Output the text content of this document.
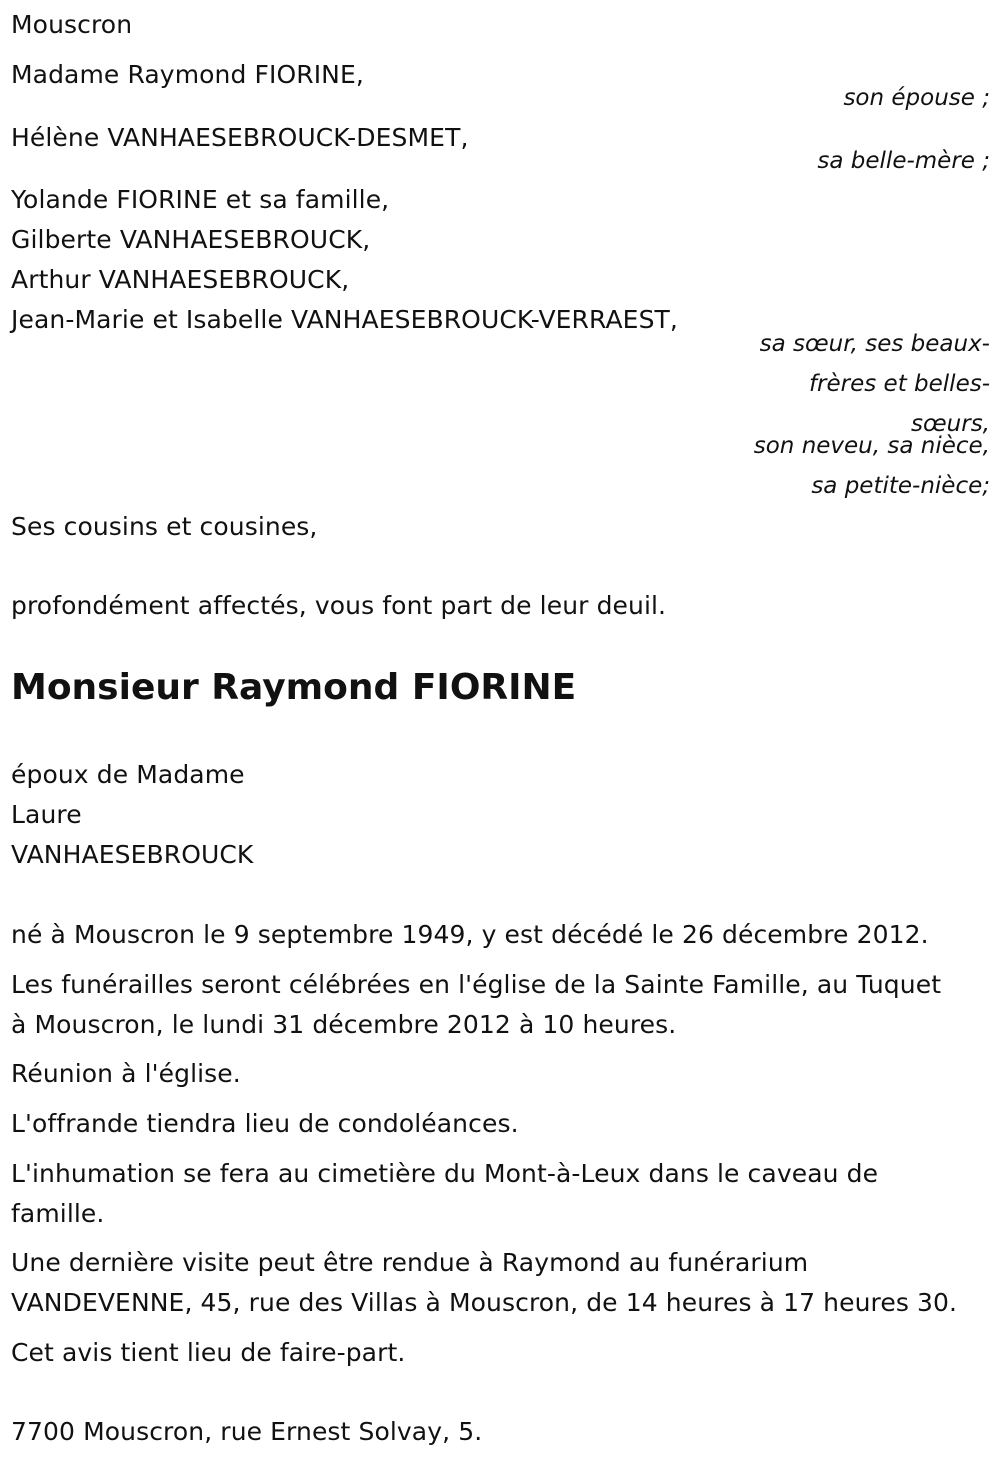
Mouscron
Madame Raymond FIORINE,
son épouse ;
Hélène VANHAESEBROUCK-DESMET,
sa belle-mère ;
Yolande FIORINE et sa famille,
Gilberte VANHAESEBROUCK,
Arthur VANHAESEBROUCK,
Jean-Marie et Isabelle VANHAESEBROUCK-VERRAEST,
sa sœur, ses beaux-frères et belles-sœurs,
son neveu, sa nièce,
sa petite-nièce;
Ses cousins et cousines,
profondément affectés, vous font part de leur deuil.
Monsieur Raymond FIORINE
époux de Madame
Laure
VANHAESEBROUCK
né à Mouscron le 9 septembre 1949, y est décédé le 26 décembre 2012.
Les funérailles seront célébrées en l'église de la Sainte Famille, au Tuquet
à Mouscron, le lundi 31 décembre 2012 à 10 heures.
Réunion à l'église.
L'offrande tiendra lieu de condoléances.
L'inhumation se fera au cimetière du Mont-à-Leux dans le caveau de
famille.
Une dernière visite peut être rendue à Raymond au funérarium
VANDEVENNE, 45, rue des Villas à Mouscron, de 14 heures à 17 heures 30.
Cet avis tient lieu de faire-part.
7700 Mouscron, rue Ernest Solvay, 5.
